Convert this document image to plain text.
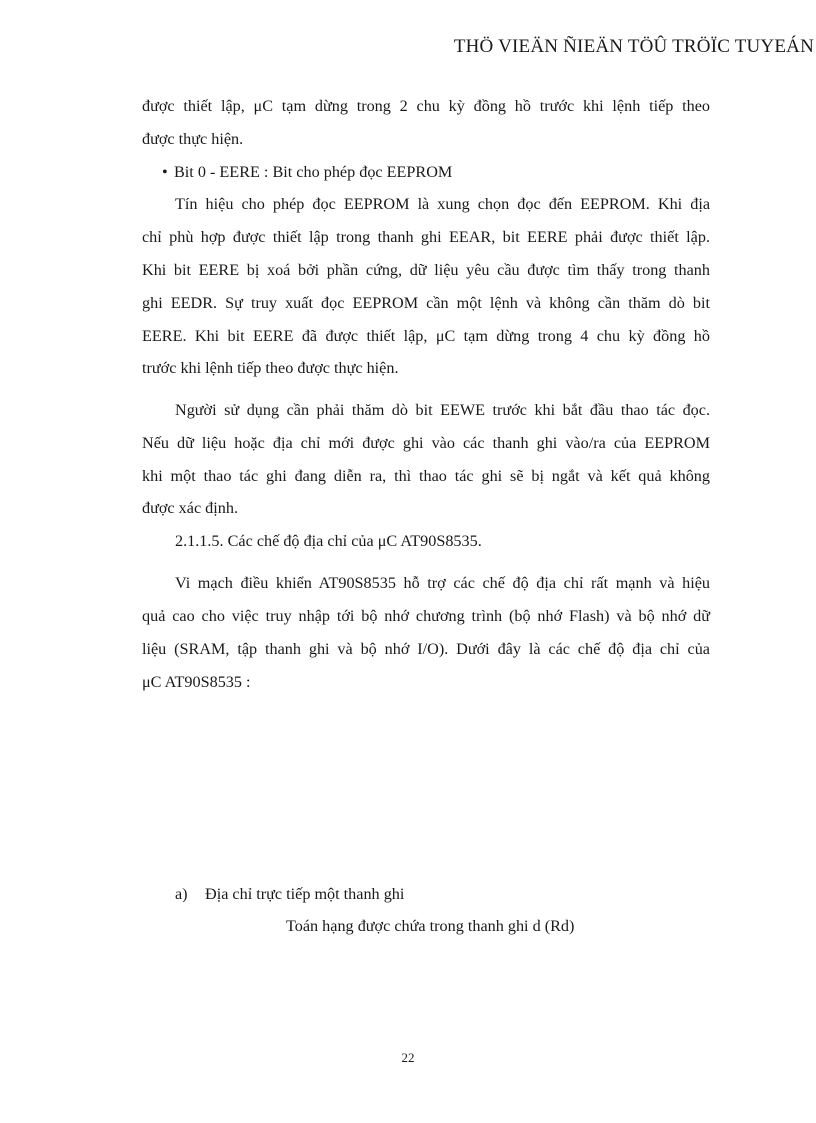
THÖ VIEÄN ÑIEÄN TÖÛ TRÖÏC TUYEÁN
được thiết lập, μC tạm dừng trong 2 chu kỳ đồng hồ trước khi lệnh tiếp theo
được thực hiện.
• Bit 0 - EERE : Bit cho phép đọc EEPROM
Tín hiệu cho phép đọc EEPROM là xung chọn đọc đến EEPROM. Khi địa
chỉ phù hợp được thiết lập trong thanh ghi EEAR, bit EERE phải được thiết lập.
Khi bit EERE bị xoá bởi phần cứng, dữ liệu yêu cầu được tìm thấy trong thanh
ghi EEDR. Sự truy xuất đọc EEPROM cần một lệnh và không cần thăm dò bit
EERE. Khi bit EERE đã được thiết lập, μC tạm dừng trong 4 chu kỳ đồng hồ
trước khi lệnh tiếp theo được thực hiện.
Người sử dụng cần phải thăm dò bit EEWE trước khi bắt đầu thao tác đọc.
Nếu dữ liệu hoặc địa chỉ mới được ghi vào các thanh ghi vào/ra của EEPROM
khi một thao tác ghi đang diễn ra, thì thao tác ghi sẽ bị ngắt và kết quả không
được xác định.
2.1.1.5. Các chế độ địa chỉ của μC AT90S8535.
Vi mạch điều khiển AT90S8535 hỗ trợ các chế độ địa chỉ rất mạnh và hiệu
quả cao cho việc truy nhập tới bộ nhớ chương trình (bộ nhớ Flash) và bộ nhớ dữ
liệu (SRAM, tập thanh ghi và bộ nhớ I/O). Dưới đây là các chế độ địa chỉ của
μC AT90S8535 :
a) Địa chỉ trực tiếp một thanh ghi
Toán hạng được chứa trong thanh ghi d (Rd)
22
